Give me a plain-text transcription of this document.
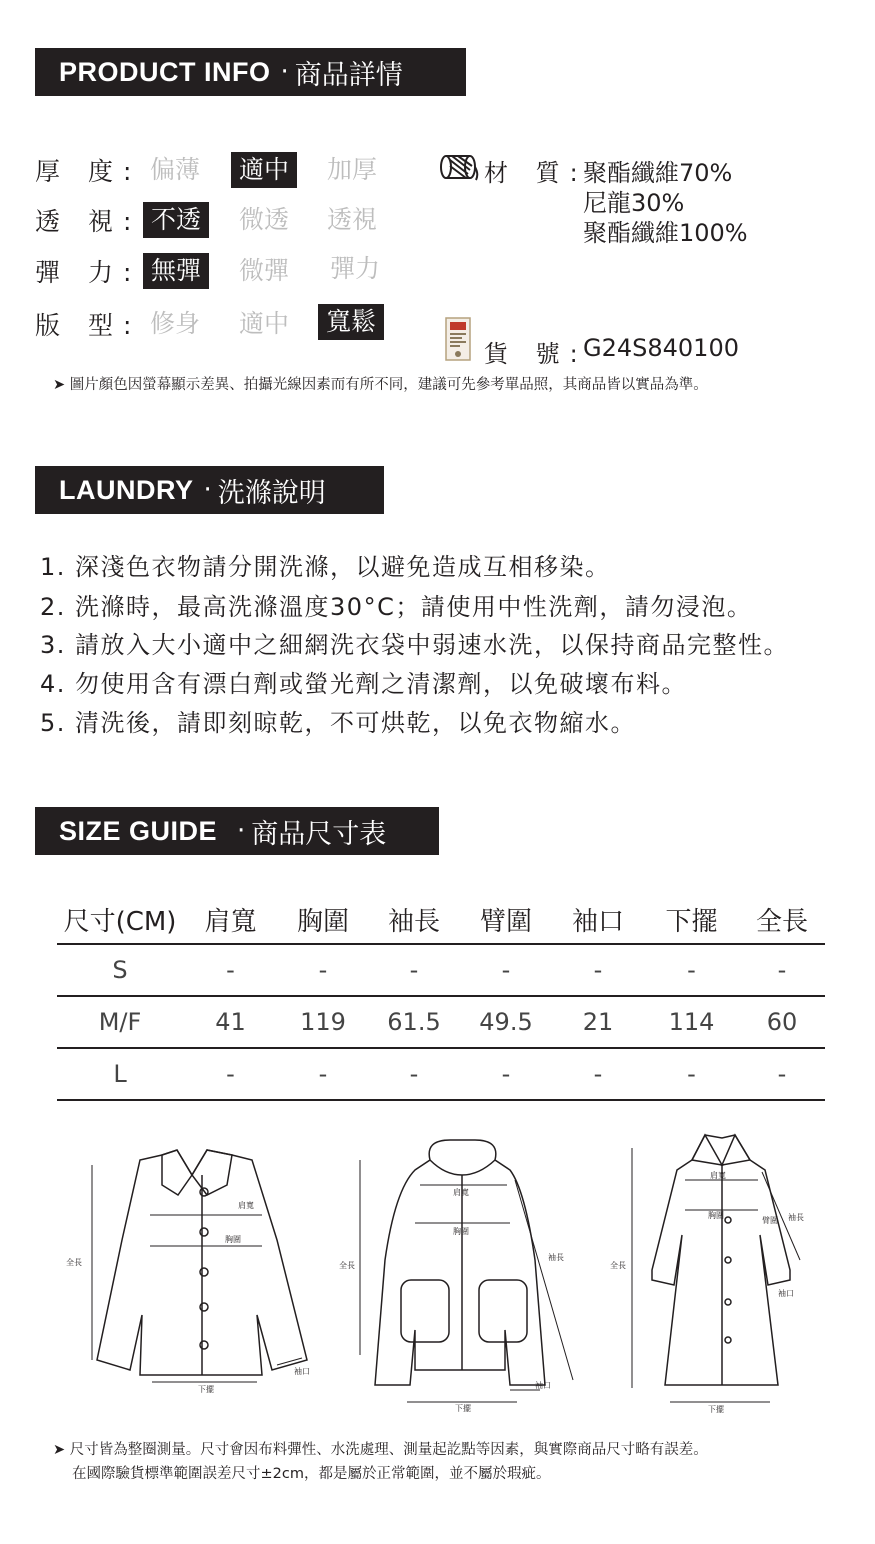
PRODUCT INFO · 商品詳情
厚 度: 偏薄	適中	加厚
透 視: 不透	微透 透視
彈 力: 無彈	微彈 彈力
版 型: 修身 適中	寬鬆
材 質:
聚酯纖維70%
尼龍30%
聚酯纖維100%
貨 號:
G24S840100
➤ 圖片顏色因螢幕顯示差異、拍攝光線因素而有所不同，建議可先參考單品照，其商品皆以實品為準。
LAUNDRY · 洗滌說明
1. 深淺色衣物請分開洗滌，以避免造成互相移染。
2. 洗滌時，最高洗滌溫度30°C；請使用中性洗劑，請勿浸泡。
3. 請放入大小適中之細網洗衣袋中弱速水洗，以保持商品完整性。
4. 勿使用含有漂白劑或螢光劑之清潔劑，以免破壞布料。
5. 清洗後，請即刻晾乾，不可烘乾，以免衣物縮水。
SIZE GUIDE · 商品尺寸表
尺寸(CM)	肩寬	胸圍	袖長	臂圍	袖口	下擺	全長
S	-	-	-	-	-	-	-
M/F	41	119	61.5	49.5	21	114	60
L	-	-	-	-	-	-	-
肩寬
胸圍
全長
下擺
袖口
肩寬
胸圍
全長
袖長
袖口
下擺
肩寬
胸圍
臂圍 袖長
全長
袖口
下擺
➤ 尺寸皆為整圈測量。尺寸會因布料彈性、水洗處理、測量起訖點等因素，與實際商品尺寸略有誤差。
在國際驗貨標準範圍誤差尺寸±2cm，都是屬於正常範圍，並不屬於瑕疵。
